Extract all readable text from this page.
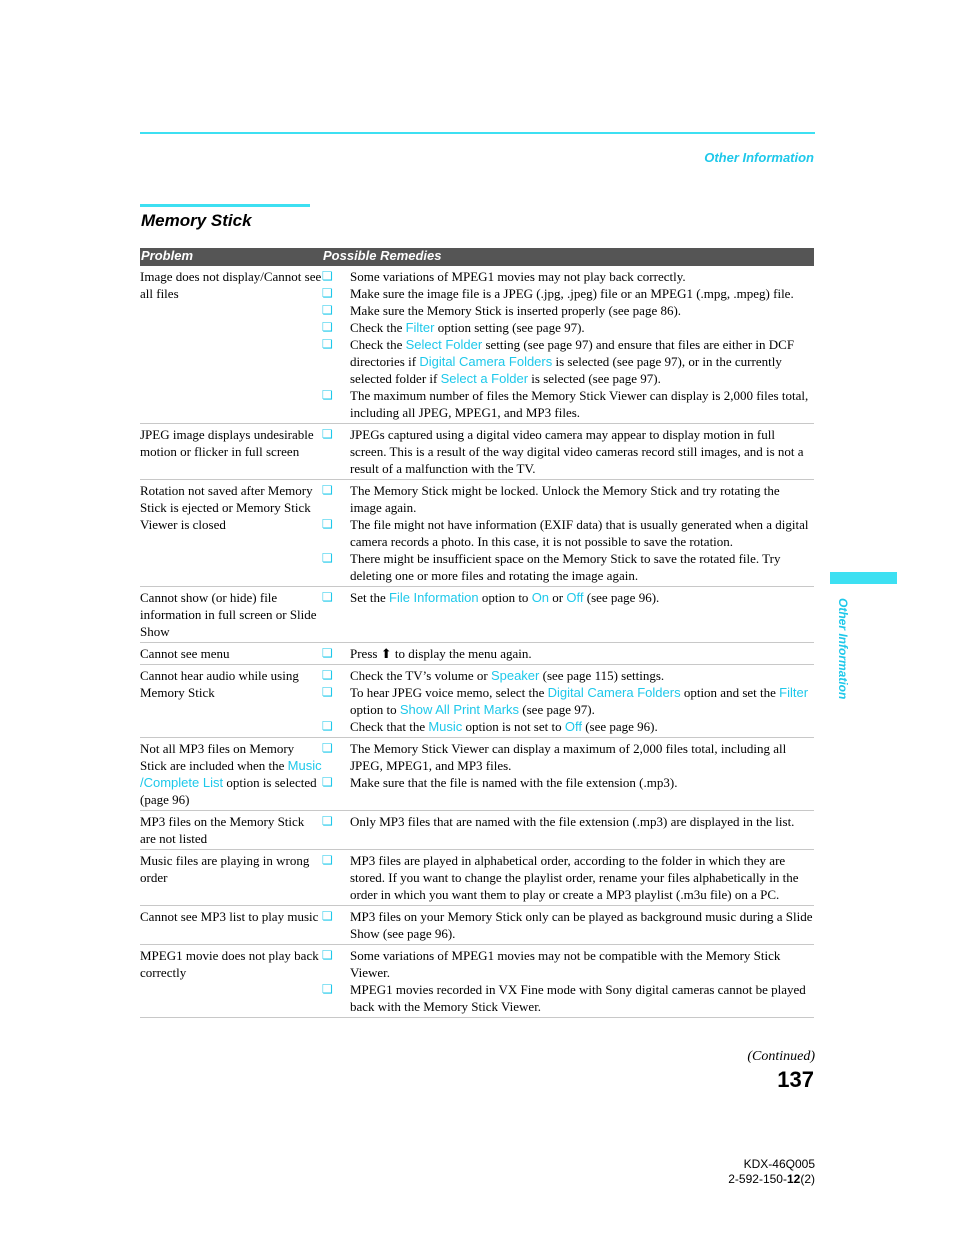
Other Information
Memory Stick
Problem	Possible Remedies
Image does not display/Cannot see all files
❏	Some variations of MPEG1 movies may not play back correctly.
❏	Make sure the image file is a JPEG (.jpg, .jpeg) file or an MPEG1 (.mpg, .mpeg) file.
❏	Make sure the Memory Stick is inserted properly (see page 86).
❏	Check the Filter option setting (see page 97).
❏	Check the Select Folder setting (see page 97) and ensure that files are either in DCF directories if Digital Camera Folders is selected (see page 97), or in the currently selected folder if Select a Folder is selected (see page 97).
❏	The maximum number of files the Memory Stick Viewer can display is 2,000 files total, including all JPEG, MPEG1, and MP3 files.
JPEG image displays undesirable motion or flicker in full screen
❏	JPEGs captured using a digital video camera may appear to display motion in full screen. This is a result of the way digital video cameras record still images, and is not a result of a malfunction with the TV.
Rotation not saved after Memory Stick is ejected or Memory Stick Viewer is closed
❏	The Memory Stick might be locked. Unlock the Memory Stick and try rotating the image again.
❏	The file might not have information (EXIF data) that is usually generated when a digital camera records a photo. In this case, it is not possible to save the rotation.
❏	There might be insufficient space on the Memory Stick to save the rotated file. Try deleting one or more files and rotating the image again.
Cannot show (or hide) file information in full screen or Slide Show
❏	Set the File Information option to On or Off (see page 96).
Cannot see menu	❏	Press ⬆ to display the menu again.
Cannot hear audio while using Memory Stick
❏	Check the TV’s volume or Speaker (see page 115) settings.
❏	To hear JPEG voice memo, select the Digital Camera Folders option and set the Filter option to Show All Print Marks (see page 97).
❏	Check that the Music option is not set to Off (see page 96).
Not all MP3 files on Memory Stick are included when the Music /Complete List option is selected (page 96)
❏	The Memory Stick Viewer can display a maximum of 2,000 files total, including all JPEG, MPEG1, and MP3 files.
❏	Make sure that the file is named with the file extension (.mp3).
MP3 files on the Memory Stick are not listed
❏	Only MP3 files that are named with the file extension (.mp3) are displayed in the list.
Music files are playing in wrong order
❏	MP3 files are played in alphabetical order, according to the folder in which they are stored. If you want to change the playlist order, rename your files alphabetically in the order in which you want them to play or create a MP3 playlist (.m3u file) on a PC.
Cannot see MP3 list to play music ❏	MP3 files on your Memory Stick only can be played as background music during a Slide Show (see page 96).
MPEG1 movie does not play back correctly
❏	Some variations of MPEG1 movies may not be compatible with the Memory Stick Viewer.
❏	MPEG1 movies recorded in VX Fine mode with Sony digital cameras cannot be played back with the Memory Stick Viewer.
Other Information
(Continued)
137
KDX-46Q005
2-592-150-12(2)
